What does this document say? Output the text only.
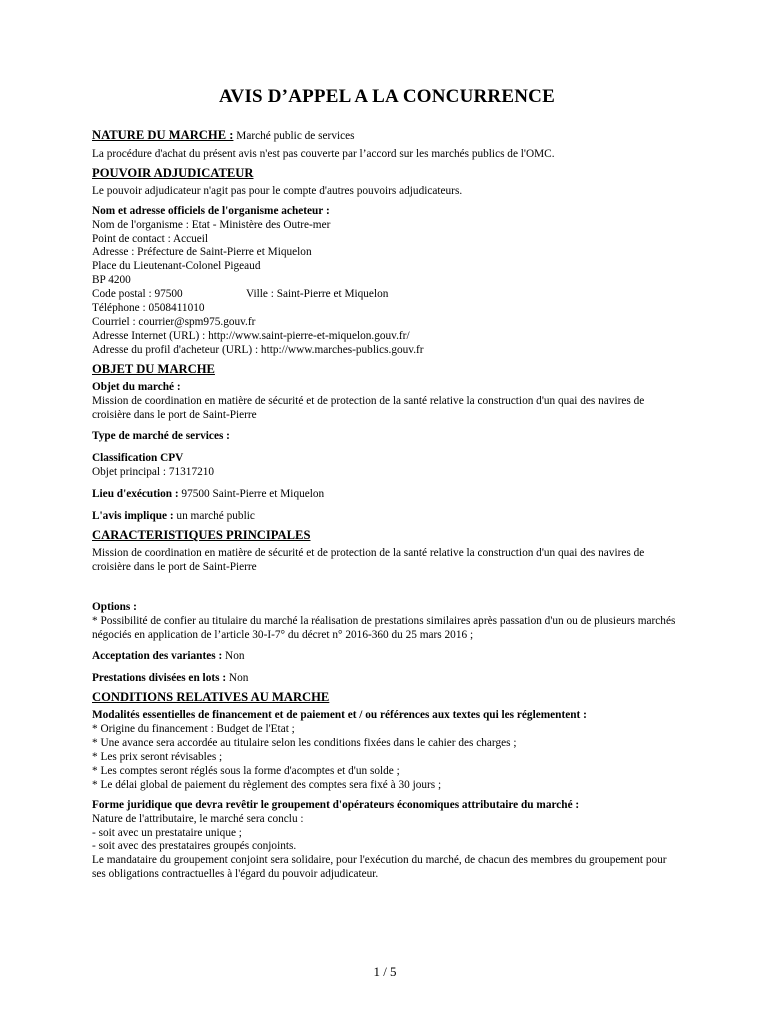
AVIS D’APPEL A LA CONCURRENCE

NATURE DU MARCHE : Marché public de services

La procédure d'achat du présent avis n'est pas couverte par l’accord sur les marchés publics de l'OMC.

POUVOIR ADJUDICATEUR

Le pouvoir adjudicateur n'agit pas pour le compte d'autres pouvoirs adjudicateurs.

Nom et adresse officiels de l'organisme acheteur :

Nom de l'organisme : Etat - Ministère des Outre-mer

Point de contact : Accueil

Adresse : Préfecture de Saint-Pierre et Miquelon

Place du Lieutenant-Colonel Pigeaud

BP 4200

Code postal : 97500	Ville : Saint-Pierre et Miquelon

Téléphone : 0508411010

Courriel : courrier@spm975.gouv.fr

Adresse Internet (URL) : http://www.saint-pierre-et-miquelon.gouv.fr/

Adresse du profil d'acheteur (URL) : http://www.marches-publics.gouv.fr

OBJET DU MARCHE

Objet du marché :

Mission de coordination en matière de sécurité et de protection de la santé relative la construction d'un quai des navires de croisière dans le port de Saint-Pierre

Type de marché de services :

Classification CPV

Objet principal : 71317210

Lieu d'exécution : 97500 Saint-Pierre et Miquelon

L'avis implique : un marché public

CARACTERISTIQUES PRINCIPALES

Mission de coordination en matière de sécurité et de protection de la santé relative la construction d'un quai des navires de croisière dans le port de Saint-Pierre

Options :

* Possibilité de confier au titulaire du marché la réalisation de prestations similaires après passation d'un ou de plusieurs marchés négociés en application de l’article 30-I-7° du décret n° 2016-360 du 25 mars 2016 ;

Acceptation des variantes : Non

Prestations divisées en lots : Non

CONDITIONS RELATIVES AU MARCHE

Modalités essentielles de financement et de paiement et / ou références aux textes qui les réglementent :

* Origine du financement : Budget de l'Etat ;

* Une avance sera accordée au titulaire selon les conditions fixées dans le cahier des charges ;

* Les prix seront révisables ;

* Les comptes seront réglés sous la forme d'acomptes et d'un solde ;

* Le délai global de paiement du règlement des comptes sera fixé à 30 jours ;

Forme juridique que devra revêtir le groupement d'opérateurs économiques attributaire du marché :

Nature de l'attributaire, le marché sera conclu :

- soit avec un prestataire unique ;

- soit avec des prestataires groupés conjoints.

Le mandataire du groupement conjoint sera solidaire, pour l'exécution du marché, de chacun des membres du groupement pour ses obligations contractuelles à l'égard du pouvoir adjudicateur.

1 / 5
